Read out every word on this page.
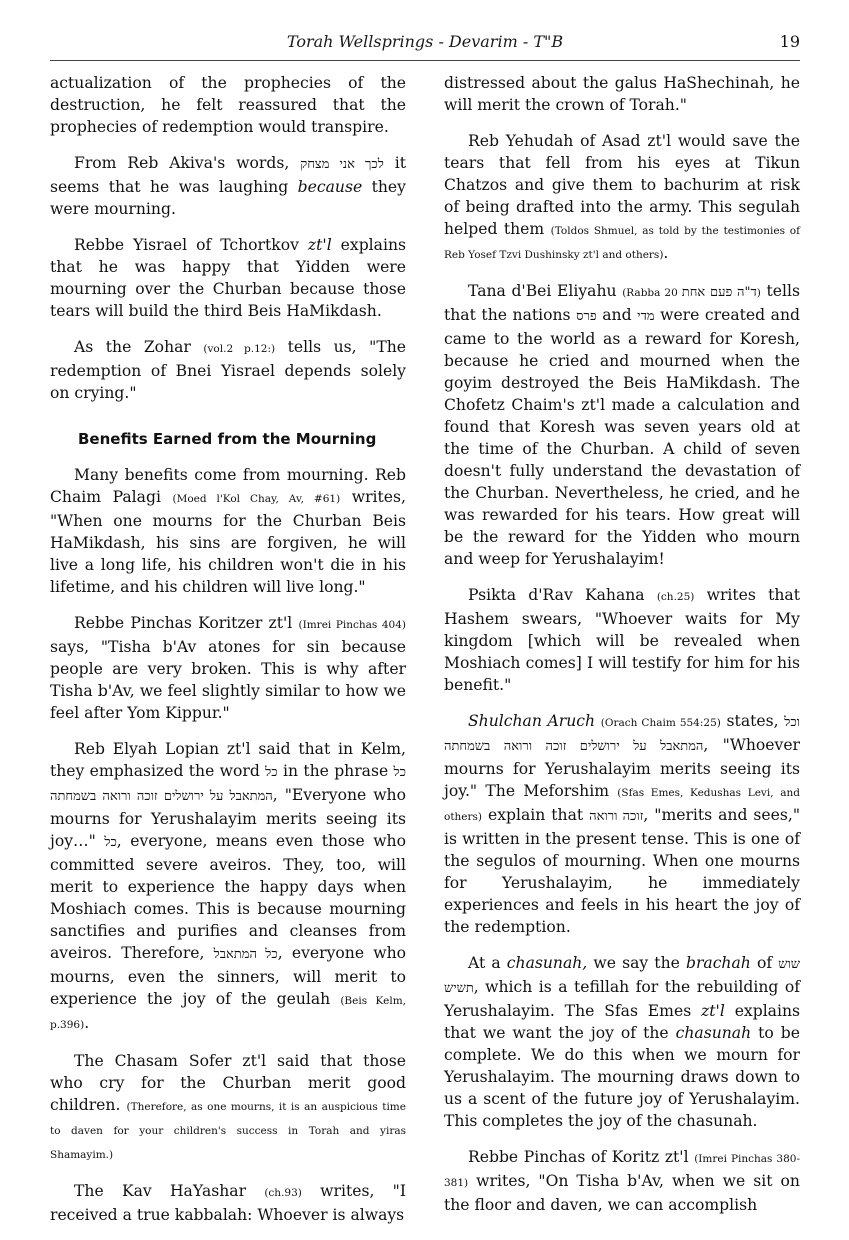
Torah Wellsprings - Devarim - T"B	19

actualization of the prophecies of the destruction, he felt reassured that the prophecies of redemption would transpire.

From Reb Akiva's words, לכך אני מצחק it seems that he was laughing because they were mourning.

Rebbe Yisrael of Tchortkov zt'l explains that he was happy that Yidden were mourning over the Churban because those tears will build the third Beis HaMikdash.

As the Zohar (vol.2 p.12:) tells us, "The redemption of Bnei Yisrael depends solely on crying."

Benefits Earned from the Mourning

Many benefits come from mourning. Reb Chaim Palagi (Moed l'Kol Chay, Av, #61) writes, "When one mourns for the Churban Beis HaMikdash, his sins are forgiven, he will live a long life, his children won't die in his lifetime, and his children will live long."

Rebbe Pinchas Koritzer zt'l (Imrei Pinchas 404) says, "Tisha b'Av atones for sin because people are very broken. This is why after Tisha b'Av, we feel slightly similar to how we feel after Yom Kippur."

Reb Elyah Lopian zt'l said that in Kelm, they emphasized the word כל in the phrase כל המתאבל על ירושלים זוכה ורואה בשמחתה, "Everyone who mourns for Yerushalayim merits seeing its joy…" כל, everyone, means even those who committed severe aveiros. They, too, will merit to experience the happy days when Moshiach comes. This is because mourning sanctifies and purifies and cleanses from aveiros. Therefore, כל המתאבל, everyone who mourns, even the sinners, will merit to experience the joy of the geulah (Beis Kelm, p.396).

The Chasam Sofer zt'l said that those who cry for the Churban merit good children. (Therefore, as one mourns, it is an auspicious time to daven for your children's success in Torah and yiras Shamayim.)

The Kav HaYashar (ch.93) writes, "I received a true kabbalah: Whoever is always

distressed about the galus HaShechinah, he will merit the crown of Torah."

Reb Yehudah of Asad zt'l would save the tears that fell from his eyes at Tikun Chatzos and give them to bachurim at risk of being drafted into the army. This segulah helped them (Toldos Shmuel, as told by the testimonies of Reb Yosef Tzvi Dushinsky zt'l and others).

Tana d'Bei Eliyahu (Rabba 20 ד"ה פעם אחת) tells that the nations פרס and מדי were created and came to the world as a reward for Koresh, because he cried and mourned when the goyim destroyed the Beis HaMikdash. The Chofetz Chaim's zt'l made a calculation and found that Koresh was seven years old at the time of the Churban. A child of seven doesn't fully understand the devastation of the Churban. Nevertheless, he cried, and he was rewarded for his tears. How great will be the reward for the Yidden who mourn and weep for Yerushalayim!

Psikta d'Rav Kahana (ch.25) writes that Hashem swears, "Whoever waits for My kingdom [which will be revealed when Moshiach comes] I will testify for him for his benefit."

Shulchan Aruch (Orach Chaim 554:25) states, וכל המתאבל על ירושלים זוכה ורואה בשמחתה, "Whoever mourns for Yerushalayim merits seeing its joy." The Meforshim (Sfas Emes, Kedushas Levi, and others) explain that זוכה ורואה, "merits and sees," is written in the present tense. This is one of the segulos of mourning. When one mourns for Yerushalayim, he immediately experiences and feels in his heart the joy of the redemption.

At a chasunah, we say the brachah of שוש תשיש, which is a tefillah for the rebuilding of Yerushalayim. The Sfas Emes zt'l explains that we want the joy of the chasunah to be complete. We do this when we mourn for Yerushalayim. The mourning draws down to us a scent of the future joy of Yerushalayim. This completes the joy of the chasunah.

Rebbe Pinchas of Koritz zt'l (Imrei Pinchas 380-381) writes, "On Tisha b'Av, when we sit on the floor and daven, we can accomplish
